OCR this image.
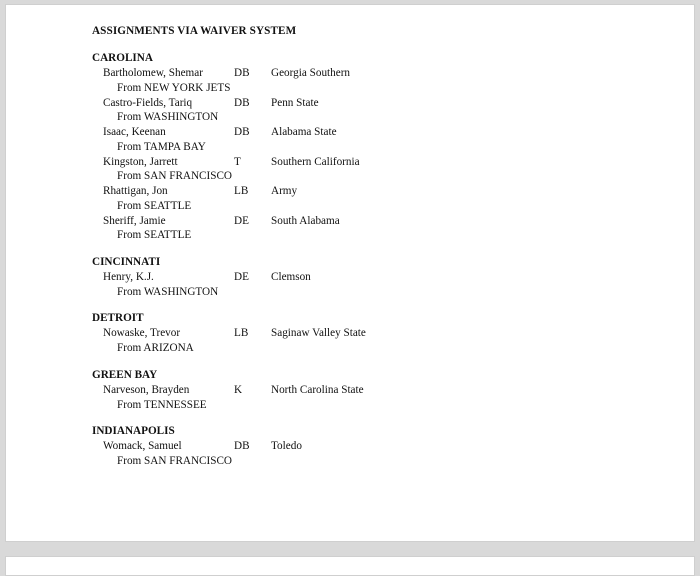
ASSIGNMENTS VIA WAIVER SYSTEM
CAROLINA
Bartholomew, Shemar	DB Georgia Southern
From NEW YORK JETS
Castro-Fields, Tariq	DB Penn State
From WASHINGTON
Isaac, Keenan	DB Alabama State
From TAMPA BAY
Kingston, Jarrett	T	Southern California
From SAN FRANCISCO
Rhattigan, Jon	LB Army
From SEATTLE
Sheriff, Jamie	DE South Alabama
From SEATTLE
CINCINNATI
Henry, K.J.	DE Clemson
From WASHINGTON
DETROIT
Nowaske, Trevor	LB Saginaw Valley State
From ARIZONA
GREEN BAY
Narveson, Brayden	K	North Carolina State
From TENNESSEE
INDIANAPOLIS
Womack, Samuel	DB Toledo
From SAN FRANCISCO
